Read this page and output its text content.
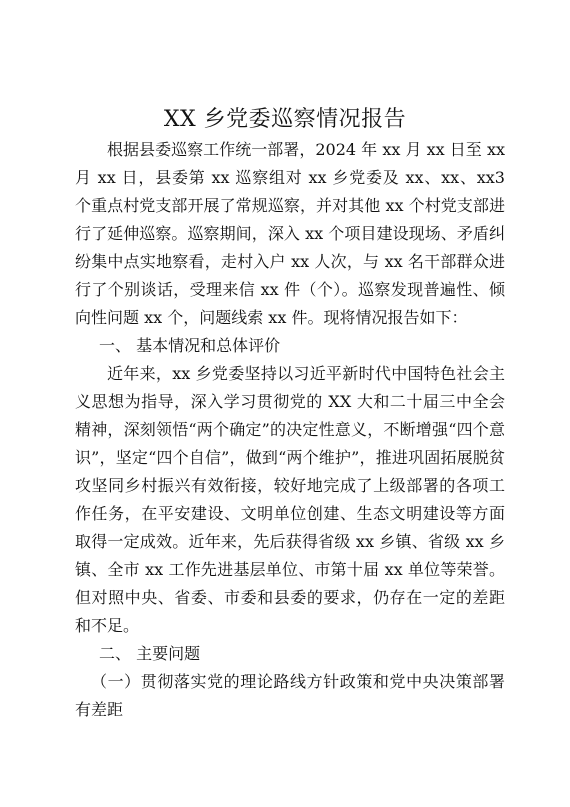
XX 乡党委巡察情况报告

根据县委巡察工作统一部署，2024 年 xx 月 xx 日至 xx 月 xx 日，县委第 xx 巡察组对 xx 乡党委及 xx、xx、xx3 个重点村党支部开展了常规巡察，并对其他 xx 个村党支部进行了延伸巡察。巡察期间，深入 xx 个项目建设现场、矛盾纠纷集中点实地察看，走村入户 xx 人次，与 xx 名干部群众进行了个别谈话，受理来信 xx 件（个）。巡察发现普遍性、倾向性问题 xx 个，问题线索 xx 件。现将情况报告如下：

一、 基本情况和总体评价

近年来，xx 乡党委坚持以习近平新时代中国特色社会主义思想为指导，深入学习贯彻党的 XX 大和二十届三中全会精神，深刻领悟“两个确定”的决定性意义，不断增强“四个意识”，坚定“四个自信”，做到“两个维护”，推进巩固拓展脱贫攻坚同乡村振兴有效衔接，较好地完成了上级部署的各项工作任务，在平安建设、文明单位创建、生态文明建设等方面取得一定成效。近年来，先后获得省级 xx 乡镇、省级 xx 乡镇、全市 xx 工作先进基层单位、市第十届 xx 单位等荣誉。但对照中央、省委、市委和县委的要求，仍存在一定的差距和不足。

二、 主要问题

（一）贯彻落实党的理论路线方针政策和党中央决策部署有差距
